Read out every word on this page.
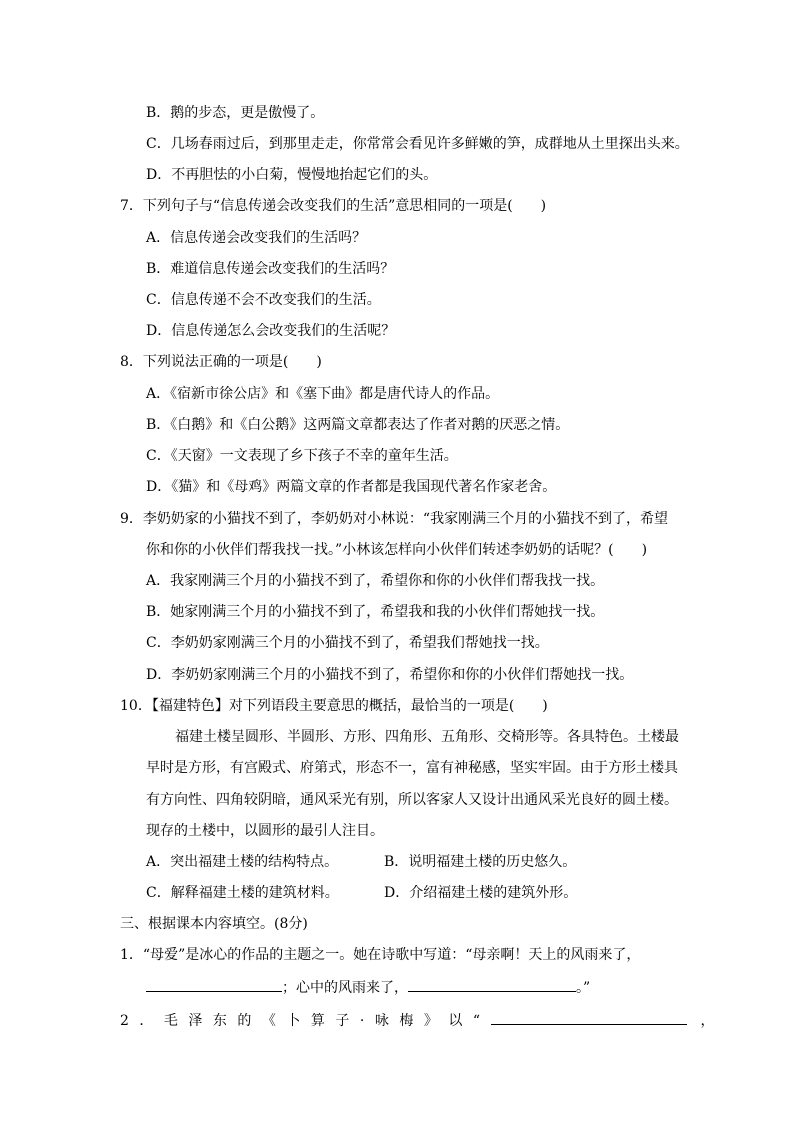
B．鹅的步态，更是傲慢了。
C．几场春雨过后，到那里走走，你常常会看见许多鲜嫩的笋，成群地从土里探出头来。
D．不再胆怯的小白菊，慢慢地抬起它们的头。
7．下列句子与“信息传递会改变我们的生活”意思相同的一项是(　　)
A．信息传递会改变我们的生活吗？
B．难道信息传递会改变我们的生活吗？
C．信息传递不会不改变我们的生活。
D．信息传递怎么会改变我们的生活呢？
8．下列说法正确的一项是(　　)
A．《宿新市徐公店》和《塞下曲》都是唐代诗人的作品。
B．《白鹅》和《白公鹅》这两篇文章都表达了作者对鹅的厌恶之情。
C．《天窗》一文表现了乡下孩子不幸的童年生活。
D．《猫》和《母鸡》两篇文章的作者都是我国现代著名作家老舍。
9．李奶奶家的小猫找不到了，李奶奶对小林说：“我家刚满三个月的小猫找不到了，希望
你和你的小伙伴们帮我找一找。”小林该怎样向小伙伴们转述李奶奶的话呢？(　　)
A．我家刚满三个月的小猫找不到了，希望你和你的小伙伴们帮我找一找。
B．她家刚满三个月的小猫找不到了，希望我和我的小伙伴们帮她找一找。
C．李奶奶家刚满三个月的小猫找不到了，希望我们帮她找一找。
D．李奶奶家刚满三个月的小猫找不到了，希望你和你的小伙伴们帮她找一找。
10．【福建特色】对下列语段主要意思的概括，最恰当的一项是(　　)
福建土楼呈圆形、半圆形、方形、四角形、五角形、交椅形等。各具特色。土楼最
早时是方形，有宫殿式、府第式，形态不一，富有神秘感，坚实牢固。由于方形土楼具
有方向性、四角较阴暗，通风采光有别，所以客家人又设计出通风采光良好的圆土楼。
现存的土楼中，以圆形的最引人注目。
A．突出福建土楼的结构特点。	B．说明福建土楼的历史悠久。
C．解释福建土楼的建筑材料。	D．介绍福建土楼的建筑外形。
三、根据课本内容填空。(8分)
1．“母爱”是冰心的作品的主题之一。她在诗歌中写道：“母亲啊！天上的风雨来了，
；心中的风雨来了，	。”
2．毛泽东的《卜算子·咏梅》以“	，
